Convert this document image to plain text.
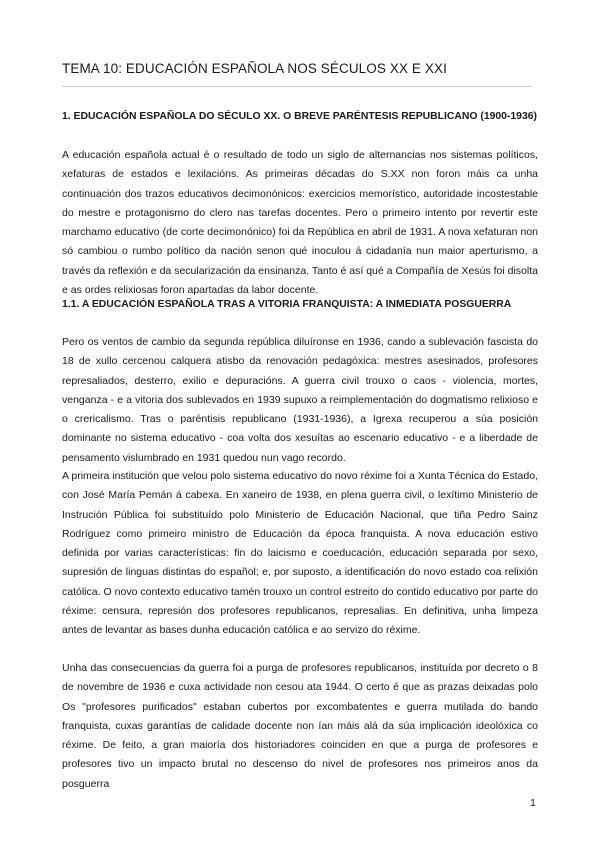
TEMA 10: EDUCACIÓN ESPAÑOLA NOS SÉCULOS XX E XXI
1. EDUCACIÓN ESPAÑOLA DO SÉCULO XX. O BREVE PARÉNTESIS REPUBLICANO (1900-1936)

A educación española actual é o resultado de todo un siglo de alternancias nos sistemas políticos, xefaturas de estados e lexilacións. As primeiras décadas do S.XX non foron máis ca unha continuación dos trazos educativos decimonónicos: exercicios memorístico, autoridade incostestable do mestre e protagonismo do clero nas tarefas docentes. Pero o primeiro intento por revertir este marchamo educativo (de corte decimonónico) foi da República en abril de 1931. A nova xefaturan non só cambiou o rumbo político da nación senon qué inoculou á cidadanía nun maior aperturismo, a través da reflexión e da secularización da ensinanza. Tanto é así qué a Compañía de Xesús foi disolta e as ordes relixiosas foron apartadas da labor docente.

1.1. A EDUCACIÓN ESPAÑOLA TRAS A VITORIA FRANQUISTA: A INMEDIATA POSGUERRA

Pero os ventos de cambio da segunda república diluíronse en 1936, cando a sublevación fascista do 18 de xullo cercenou calquera atisbo da renovación pedagóxica: mestres asesinados, profesores represaliados, desterro, exilio e depuracións. A guerra civil trouxo o caos - violencia, mortes, venganza - e a vitoria dos sublevados en 1939 supuxo a reimplementación do dogmatismo relixioso e o crericalismo. Tras o paréntisis republicano (1931-1936), a Igrexa recuperou a súa posición dominante no sistema educativo - coa volta dos xesuítas ao escenario educativo - e a liberdade de pensamento vislumbrado en 1931 quedou nun vago recordo.

A primeira institución que velou polo sistema educativo do novo réxime foi a Xunta Técnica do Estado, con José María Pemán á cabexa. En xaneiro de 1938, en plena guerra civil, o lexítimo Ministerio de Instrución Pública foi substituído polo Ministerio de Educación Nacional, que tiña Pedro Sainz Rodríguez como primeiro ministro de Educación da época franquista. A nova educación estivo definida por varias características: fin do laicismo e coeducación, educación separada por sexo, supresión de linguas distintas do español; e, por suposto, a identificación do novo estado coa relixión católica. O novo contexto educativo tamén trouxo un control estreito do contido educativo por parte do réxime: censura, represión dos profesores republicanos, represalias. En definitiva, unha limpeza antes de levantar as bases dunha educación católica e ao servizo do réxime.

Unha das consecuencias da guerra foi a purga de profesores republicanos, instituída por decreto o 8 de novembre de 1936 e cuxa actividade non cesou ata 1944. O certo é que as prazas deixadas polo Os "profesores purificados" estaban cubertos por excombatentes e guerra mutilada do bando franquista, cuxas garantías de calidade docente non ían máis alá da súa implicación ideolóxica co réxime. De feito, a gran maioría dos historiadores coinciden en que a purga de profesores e profesores tivo un impacto brutal no descenso do nivel de profesores nos primeiros anos da posguerra

1
